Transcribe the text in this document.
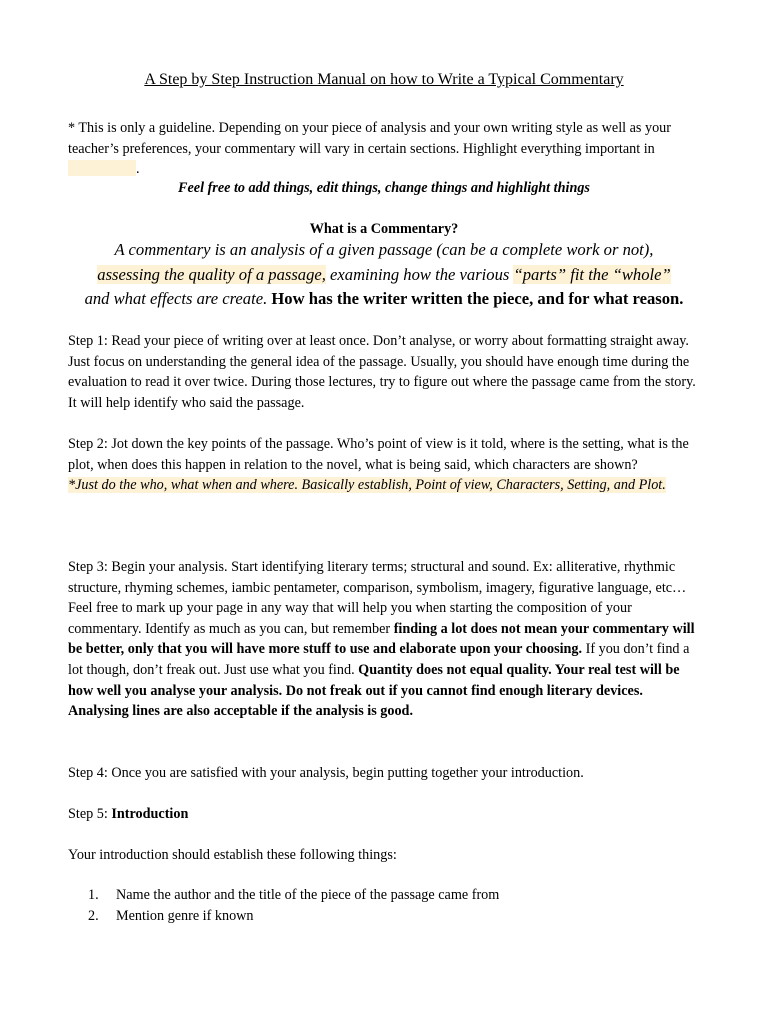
A Step by Step Instruction Manual on how to Write a Typical Commentary
* This is only a guideline. Depending on your piece of analysis and your own writing style as well as your teacher’s preferences, your commentary will vary in certain sections. Highlight everything important in .
Feel free to add things, edit things, change things and highlight things
What is a Commentary?
A commentary is an analysis of a given passage (can be a complete work or not),
assessing the quality of a passage, examining how the various “parts” fit the “whole”
and what effects are create. How has the writer written the piece, and for what reason.
Step 1: Read your piece of writing over at least once. Don’t analyse, or worry about formatting straight away. Just focus on understanding the general idea of the passage. Usually, you should have enough time during the evaluation to read it over twice. During those lectures, try to figure out where the passage came from the story. It will help identify who said the passage.
Step 2: Jot down the key points of the passage. Who’s point of view is it told, where is the setting, what is the plot, when does this happen in relation to the novel, what is being said, which characters are shown?
*Just do the who, what when and where. Basically establish, Point of view, Characters, Setting, and Plot.
Step 3: Begin your analysis. Start identifying literary terms; structural and sound. Ex: alliterative, rhythmic structure, rhyming schemes, iambic pentameter, comparison, symbolism, imagery, figurative language, etc… Feel free to mark up your page in any way that will help you when starting the composition of your commentary. Identify as much as you can, but remember finding a lot does not mean your commentary will be better, only that you will have more stuff to use and elaborate upon your choosing. If you don’t find a lot though, don’t freak out. Just use what you find. Quantity does not equal quality. Your real test will be how well you analyse your analysis. Do not freak out if you cannot find enough literary devices. Analysing lines are also acceptable if the analysis is good.
Step 4: Once you are satisfied with your analysis, begin putting together your introduction.
Step 5: Introduction
Your introduction should establish these following things:
1. Name the author and the title of the piece of the passage came from
2. Mention genre if known
